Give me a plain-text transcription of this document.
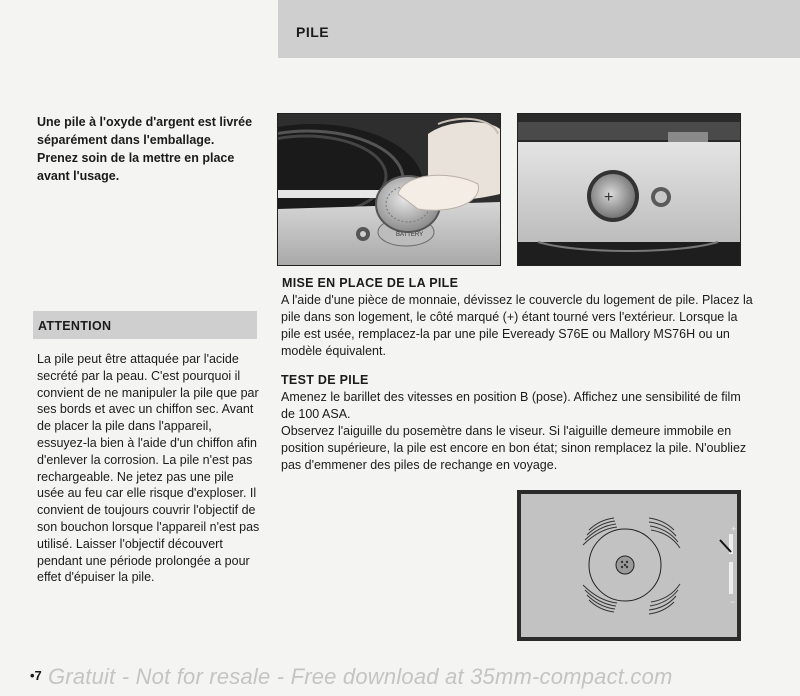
PILE
Une pile à l'oxyde d'argent est livrée séparément dans l'emballage. Prenez soin de la mettre en place avant l'usage.
BATTERY
+
ATTENTION
La pile peut être attaquée par l'acide secrété par la peau. C'est pourquoi il convient de ne manipuler la pile que par ses bords et avec un chiffon sec. Avant de placer la pile dans l'appareil, essuyez-la bien à l'aide d'un chiffon afin d'enlever la corrosion. La pile n'est pas rechargeable. Ne jetez pas une pile usée au feu car elle risque d'exploser. Il convient de toujours couvrir l'objectif de son bouchon lorsque l'appareil n'est pas utilisé. Laisser l'objectif découvert pendant une période prolongée a pour effet d'épuiser la pile.
MISE EN PLACE DE LA PILE
A l'aide d'une pièce de monnaie, dévissez le couvercle du logement de pile. Placez la pile dans son logement, le côté marqué (+) étant tourné vers l'extérieur. Lorsque la pile est usée, remplacez-la par une pile Eveready S76E ou Mallory MS76H ou un modèle équivalent.
TEST DE PILE
Amenez le barillet des vitesses en position B (pose). Affichez une sensibilité de film de 100 ASA.
Observez l'aiguille du posemètre dans le viseur. Si l'aiguille demeure immobile en position supérieure, la pile est encore en bon état; sinon remplacez la pile. N'oubliez pas d'emmener des piles de rechange en voyage.
+
−
•7 Gratuit - Not for resale - Free download at 35mm-compact.com
